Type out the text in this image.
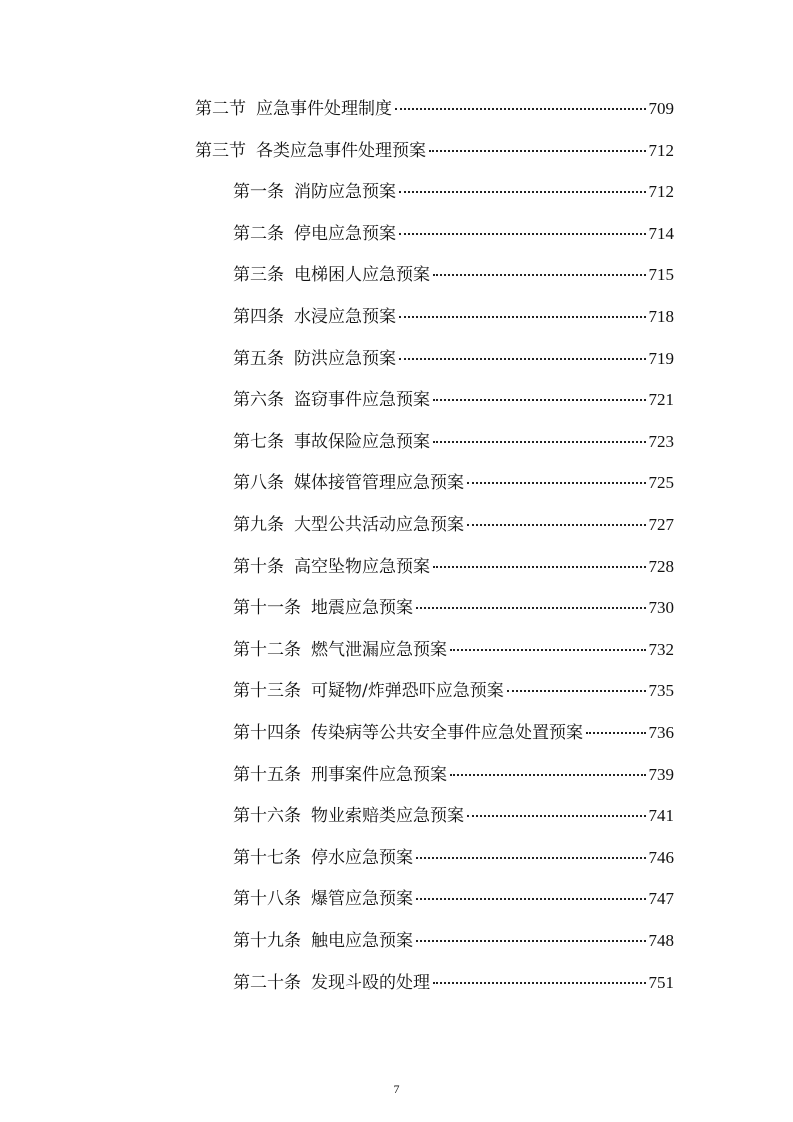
第二节 应急事件处理制度	709
第三节 各类应急事件处理预案	712
第一条 消防应急预案	712
第二条 停电应急预案	714
第三条 电梯困人应急预案	715
第四条 水浸应急预案	718
第五条 防洪应急预案	719
第六条 盗窃事件应急预案	721
第七条 事故保险应急预案	723
第八条 媒体接管管理应急预案	725
第九条 大型公共活动应急预案	727
第十条 高空坠物应急预案	728
第十一条 地震应急预案	730
第十二条 燃气泄漏应急预案	732
第十三条 可疑物/炸弹恐吓应急预案	735
第十四条 传染病等公共安全事件应急处置预案	736
第十五条 刑事案件应急预案	739
第十六条 物业索赔类应急预案	741
第十七条 停水应急预案	746
第十八条 爆管应急预案	747
第十九条 触电应急预案	748
第二十条 发现斗殴的处理	751
7
